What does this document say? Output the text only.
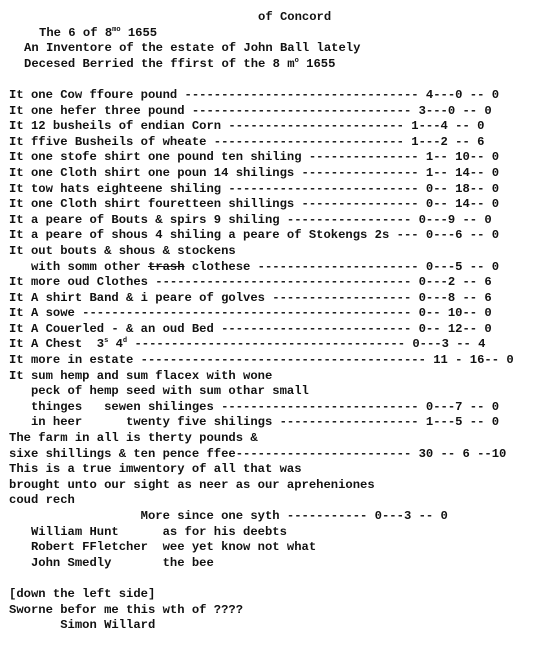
of Concord
The 6 of $8^{mo}$ 1655
An Inventore of the estate of John Ball lately
Decesed Berried the ffirst of the 8 $m^o$ 1655
It one Cow ffoure pound -------------------------------- 4---0 -- 0
It one hefer three pound ------------------------------ 3---0 -- 0
It 12 busheils of endian Corn ------------------------ 1---4 -- 0
It ffive Busheils of wheate -------------------------- 1---2 -- 6
It one stofe shirt one pound ten shiling --------------- 1-- 10-- 0
It one Cloth shirt one poun 14 shilings ---------------- 1-- 14-- 0
It tow hats eighteene shiling -------------------------- 0-- 18-- 0
It one Cloth shirt fouretteen shillings ---------------- 0-- 14-- 0
It a peare of Bouts & spirs 9 shiling ----------------- 0---9 -- 0
It a peare of shous 4 shiling a peare of Stokengs 2s --- 0---6 -- 0
It out bouts & shous & stockens
with somm other trash clothese ---------------------- 0---5 -- 0
It more oud Clothes ----------------------------------- 0---2 -- 6
It A shirt Band & i peare of golves ------------------- 0---8 -- 6
It A sowe --------------------------------------------- 0-- 10-- 0
It A Couerled - & an oud Bed -------------------------- 0-- 12-- 0
It A Chest  3$^s$ 4$^d$ ------------------------------------- 0---3 -- 4
It more in estate --------------------------------------- 11 - 16-- 0
It sum hemp and sum flacex with wone
peck of hemp seed with sum othar small
thinges   sewen shilinges --------------------------- 0---7 -- 0
in heer      twenty five shilings ------------------- 1---5 -- 0
The farm in all is therty pounds &
sixe shillings & ten pence ffee------------------------ 30 -- 6 --10
This is a true imwentory of all that was
brought unto our sight as neer as our apreheniones
coud rech
More since one syth ----------- 0---3 -- 0
William Hunt      as for his deebts
Robert FFletcher  wee yet know not what
John Smedly       the bee
[down the left side]
Sworne befor me this wth of ????
Simon Willard
